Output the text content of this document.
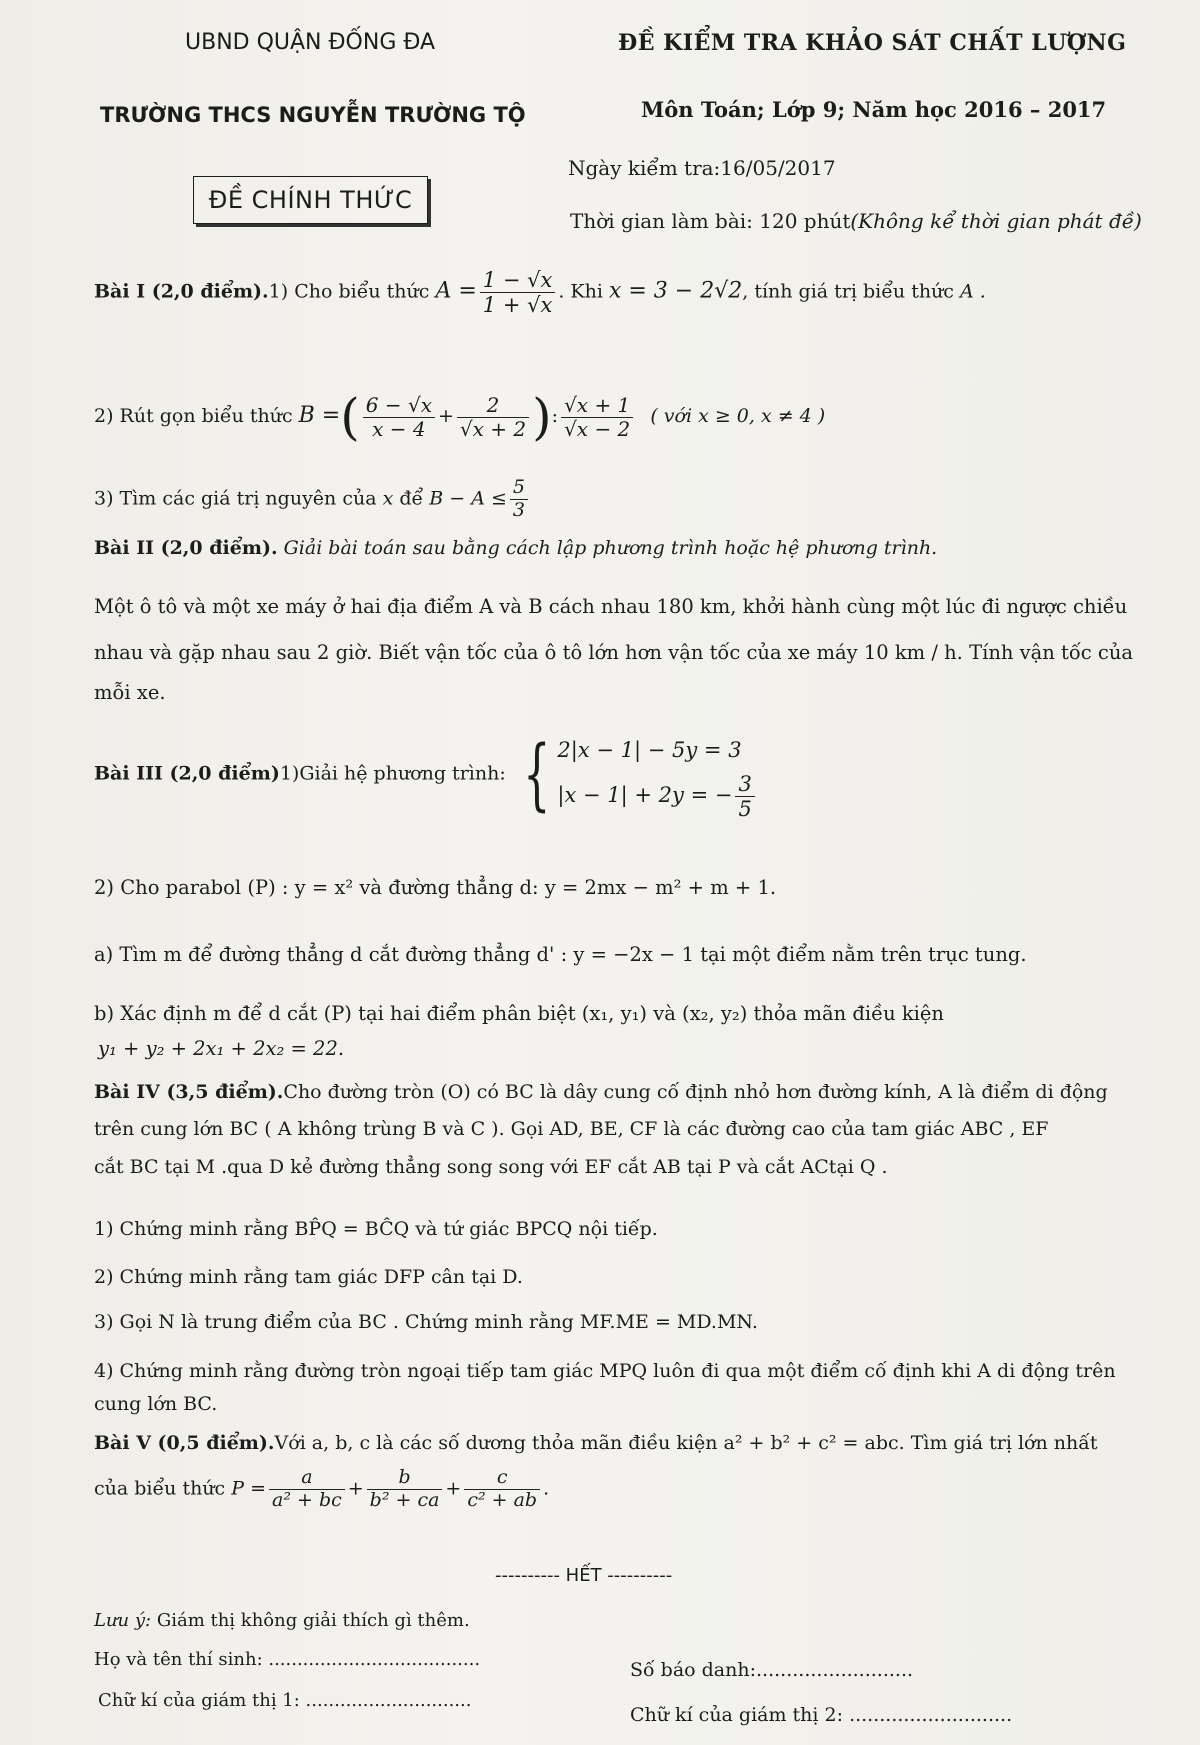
UBND QUẬN ĐỐNG ĐA	ĐỀ KIỂM TRA KHẢO SÁT CHẤT LƯỢNG
TRƯỜNG THCS NGUYỄN TRƯỜNG TỘ	Môn Toán; Lớp 9; Năm học 2016 – 2017
Ngày kiểm tra:16/05/2017
ĐỀ CHÍNH THỨC
Thời gian làm bài: 120 phút(Không kể thời gian phát đề)
Bài I (2,0 điểm).1) Cho biểu thức $A = \frac{1 - √x}{1 + √x}$ . Khi x = 3 − 2√2, tính giá trị biểu thức A .
2) Rút gọn biểu thức B =( $\frac{6 - √x}{x - 4} + \frac{2}{√x + 2}$ ): $\frac{√x + 1}{√x - 2}$ ( với x ≥ 0, x ≠ 4 )
3) Tìm các giá trị nguyên của x để $B - A \le \frac{5}{3}$
Bài II (2,0 điểm). Giải bài toán sau bằng cách lập phương trình hoặc hệ phương trình.
Một ô tô và một xe máy ở hai địa điểm A và B cách nhau 180 km, khởi hành cùng một lúc đi ngược chiều
nhau và gặp nhau sau 2 giờ. Biết vận tốc của ô tô lớn hơn vận tốc của xe máy 10 km / h. Tính vận tốc của
mỗi xe.
Bài III (2,0 điểm)1)Giải hệ phương trình: { 2|x − 1| − 5y = 3
|x − 1| + 2y = − $\frac{3}{5}$
2) Cho parabol (P) : y = x² và đường thẳng d: y = 2mx − m² + m + 1.
a) Tìm m để đường thẳng d cắt đường thẳng d' : y = −2x − 1 tại một điểm nằm trên trục tung.
b) Xác định m để d cắt (P) tại hai điểm phân biệt (x₁, y₁) và (x₂, y₂) thỏa mãn điều kiện
y₁ + y₂ + 2x₁ + 2x₂ = 22.
Bài IV (3,5 điểm).Cho đường tròn (O) có BC là dây cung cố định nhỏ hơn đường kính, A là điểm di động
trên cung lớn BC ( A không trùng B và C ). Gọi AD, BE, CF là các đường cao của tam giác ABC , EF
cắt BC tại M .qua D kẻ đường thẳng song song với EF cắt AB tại P và cắt ACtại Q .
1) Chứng minh rằng BP̂Q = BĈQ và tứ giác BPCQ nội tiếp.
2) Chứng minh rằng tam giác DFP cân tại D.
3) Gọi N là trung điểm của BC . Chứng minh rằng MF.ME = MD.MN.
4) Chứng minh rằng đường tròn ngoại tiếp tam giác MPQ luôn đi qua một điểm cố định khi A di động trên
cung lớn BC.
Bài V (0,5 điểm).Với a, b, c là các số dương thỏa mãn điều kiện a² + b² + c² = abc. Tìm giá trị lớn nhất
của biểu thức $P = \frac{a}{\text{a² + bc}} + \frac{b}{\text{b² + ca}} + \frac{c}{\text{c² + ab}}$ .
---------- HẾT ----------
Lưu ý: Giám thị không giải thích gì thêm.
Họ và tên thí sinh: .....................................	Số báo danh:..........................
Chữ kí của giám thị 1: .............................
Chữ kí của giám thị 2: ...........................
